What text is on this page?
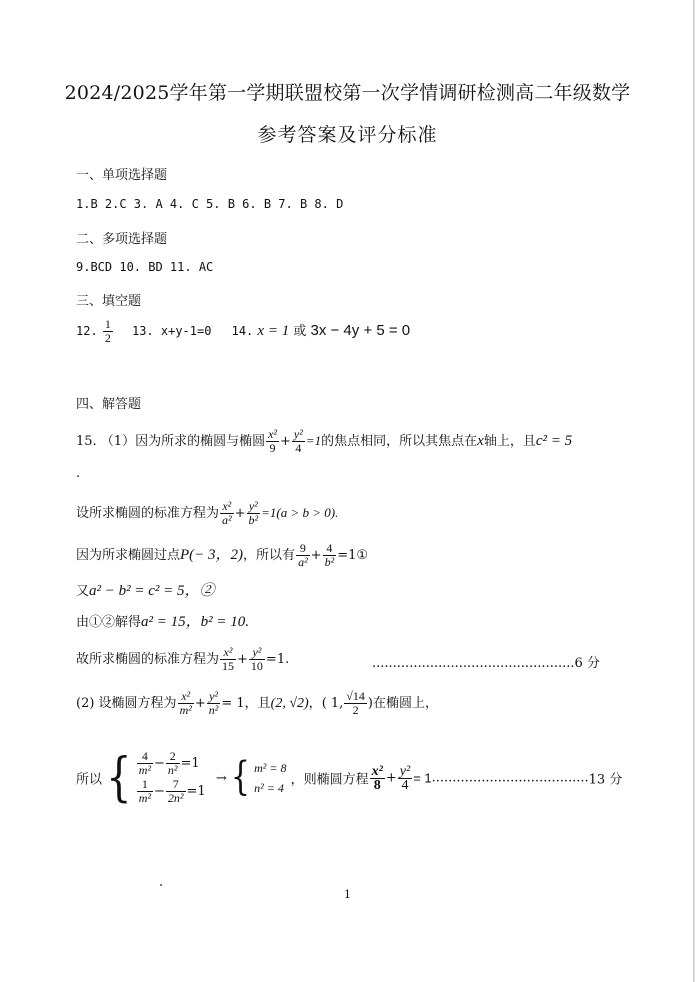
2024/2025学年第一学期联盟校第一次学情调研检测高二年级数学
参考答案及评分标准
一、单项选择题
1.B 2.C 3. A 4. C 5. B 6. B 7. B 8. D
二、多项选择题
9.BCD 10. BD 11. AC
三、填空题
12. $\frac{1}{2} 13$. x+y-1=0 14. x = 1 或 3x − 4y + 5 = 0
四、解答题
15. （1）因为所求的椭圆与椭圆 $\frac{\text{x²}}{9} + \frac{\text{y²}}{4} =1$的焦点相同，所以其焦点在x轴上，且c² = 5
.
设所求椭圆的标准方程为 $\frac{\text{x²}}{\text{a²}} + \frac{\text{y²}}{\text{b²}} =1(a > b > 0)$.
因为所求椭圆过点P(− 3，2)，所以有 $\frac{9}{\text{a²}} + \frac{4}{\text{b²}}$ =1①
又a² − b² = c² = 5，②
由①②解得a² = 15，b² = 10.
故所求椭圆的标准方程为 $\frac{\text{x²}}{15} + \frac{\text{y²}}{10} =1$.	.................................................6 分
(2) 设椭圆方程为 $\frac{\text{x²}}{\text{m²}} + \frac{\text{y²}}{\text{n²}} = 1$，且(2, √2)，( 1, $\frac{√14}{2}$ )在椭圆上，
所以 { $\frac{4}{\text{m²}} - \frac{2}{\text{n²}} =1$
$\frac{1}{\text{m²}} - \frac{7}{\text{2n²}} =1$
→ { m² = 8
n² = 4
，则椭圆方程 $\frac{\text{x²}}{8} + \frac{\text{y²}}{4} = 1......................................13$ 分
1
